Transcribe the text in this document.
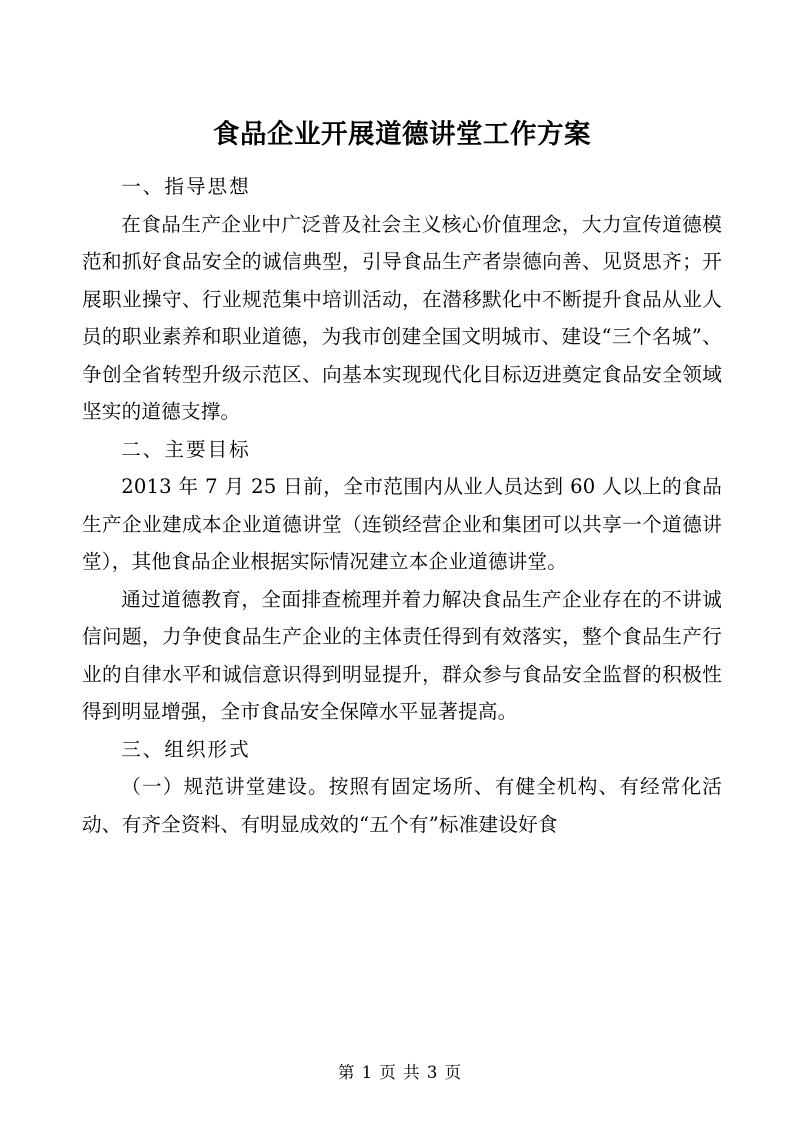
食品企业开展道德讲堂工作方案

一、指导思想

在食品生产企业中广泛普及社会主义核心价值理念，大力宣传道德模范和抓好食品安全的诚信典型，引导食品生产者崇德向善、见贤思齐；开展职业操守、行业规范集中培训活动，在潜移默化中不断提升食品从业人员的职业素养和职业道德，为我市创建全国文明城市、建设“三个名城”、争创全省转型升级示范区、向基本实现现代化目标迈进奠定食品安全领域坚实的道德支撑。

二、主要目标

2013 年 7 月 25 日前，全市范围内从业人员达到 60 人以上的食品生产企业建成本企业道德讲堂（连锁经营企业和集团可以共享一个道德讲堂），其他食品企业根据实际情况建立本企业道德讲堂。

通过道德教育，全面排查梳理并着力解决食品生产企业存在的不讲诚信问题，力争使食品生产企业的主体责任得到有效落实，整个食品生产行业的自律水平和诚信意识得到明显提升，群众参与食品安全监督的积极性得到明显增强，全市食品安全保障水平显著提高。

三、组织形式

（一）规范讲堂建设。按照有固定场所、有健全机构、有经常化活动、有齐全资料、有明显成效的“五个有”标准建设好食

第 1 页 共 3 页
